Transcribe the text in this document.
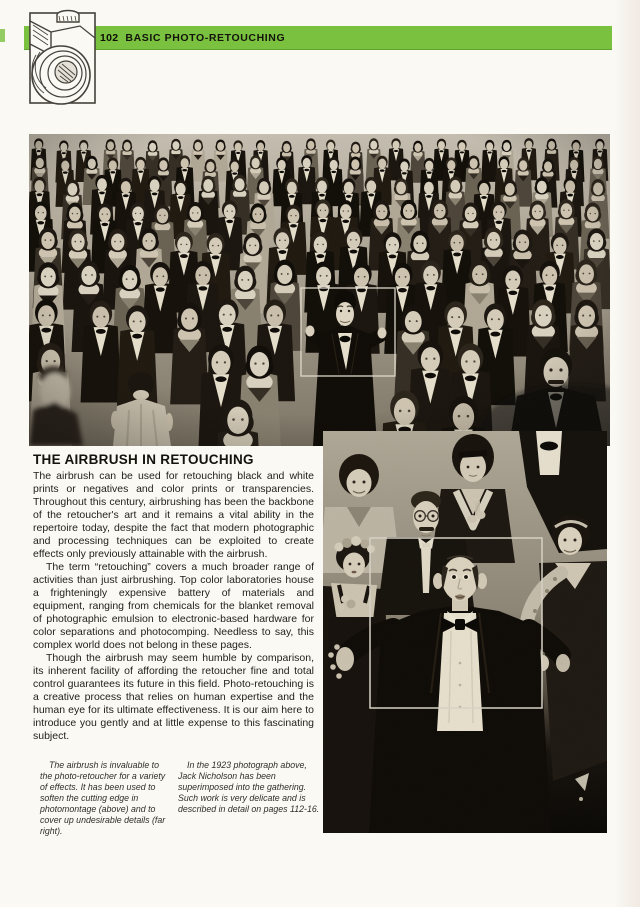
102 BASIC PHOTO-RETOUCHING
THE AIRBRUSH IN RETOUCHING

The airbrush can be used for retouching black and white prints or negatives and color prints or transparencies. Throughout this century, airbrushing has been the backbone of the retoucher's art and it remains a vital ability in the repertoire today, despite the fact that modern photographic and processing techniques can be exploited to create effects only previously attainable with the airbrush.

The term “retouching” covers a much broader range of activities than just airbrushing. Top color laboratories house a frighteningly expensive battery of materials and equipment, ranging from chemicals for the blanket removal of photographic emulsion to electronic-based hardware for color separations and photocomping. Needless to say, this complex world does not belong in these pages.

Though the airbrush may seem humble by comparison, its inherent facility of affording the retoucher fine and total control guarantees its future in this field. Photo-retouching is a creative process that relies on human expertise and the human eye for its ultimate effectiveness. It is our aim here to introduce you gently and at little expense to this fascinating subject.

The airbrush is invaluable to the photo-retoucher for a variety of effects. It has been used to soften the cutting edge in photomontage (above) and to cover up undesirable details (far right).
In the 1923 photograph above, Jack Nicholson has been superimposed into the gathering. Such work is very delicate and is described in detail on pages 112-16.
